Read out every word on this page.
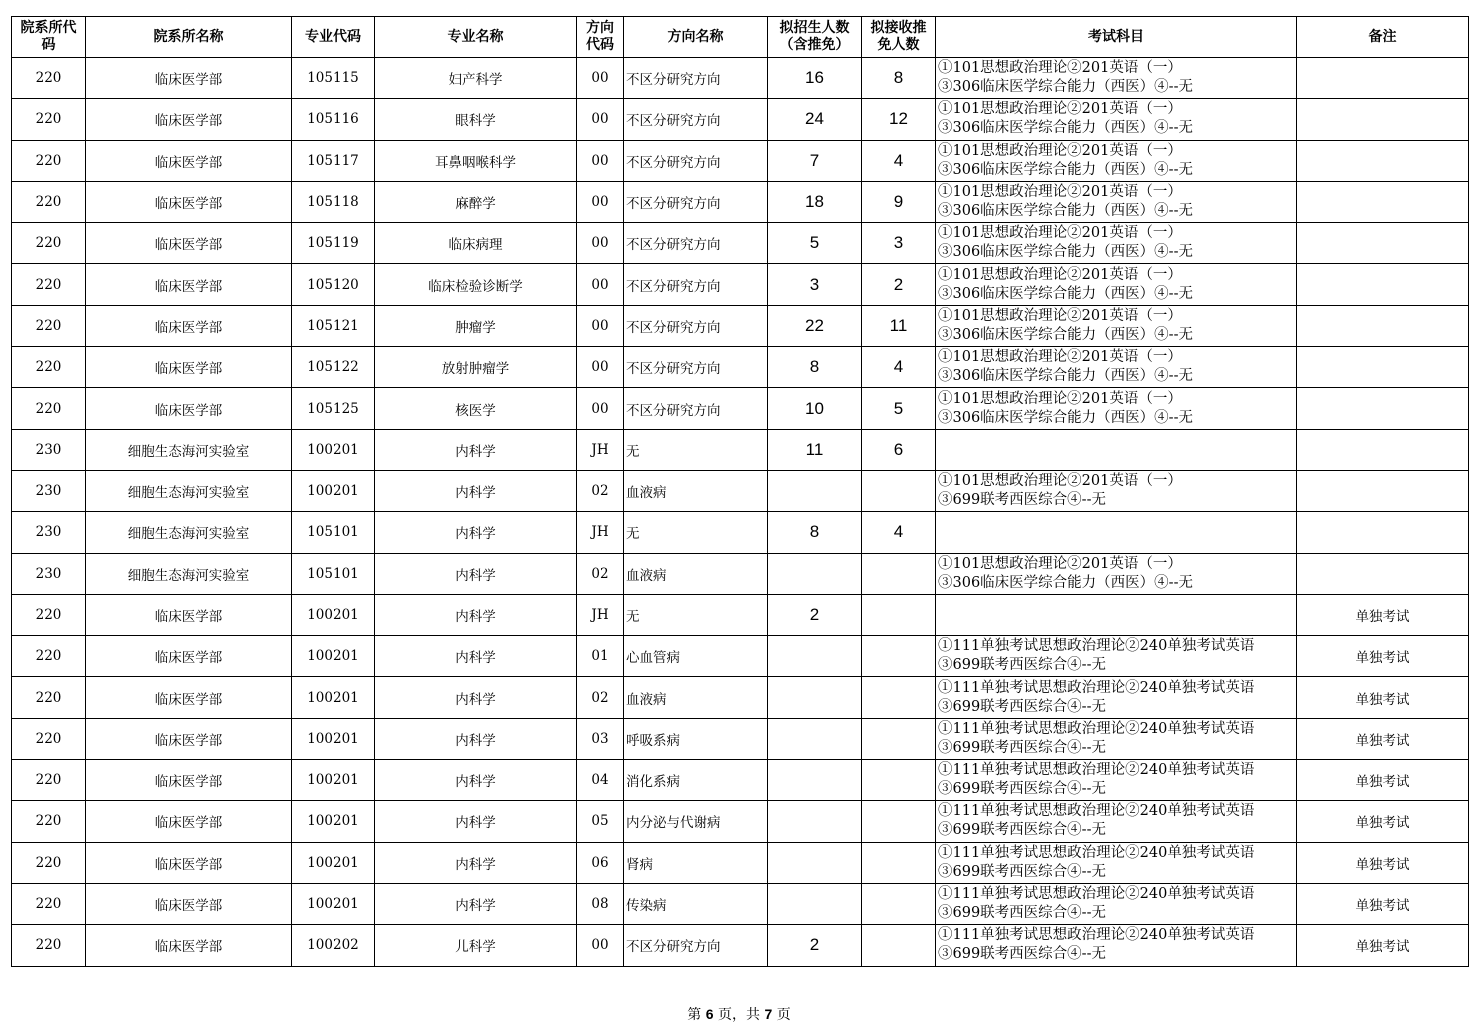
院系所代码	院系所名称	专业代码	专业名称	方向代码	方向名称	拟招生人数（含推免）	拟接收推免人数	考试科目	备注
220	临床医学部	105115	妇产科学	00	不区分研究方向	16	8	①101思想政治理论②201英语（一）
③306临床医学综合能力（西医）④--无	

220	临床医学部	105116	眼科学	00	不区分研究方向	24	12	①101思想政治理论②201英语（一）
③306临床医学综合能力（西医）④--无	

220	临床医学部	105117	耳鼻咽喉科学	00	不区分研究方向	7	4	①101思想政治理论②201英语（一）
③306临床医学综合能力（西医）④--无	

220	临床医学部	105118	麻醉学	00	不区分研究方向	18	9	①101思想政治理论②201英语（一）
③306临床医学综合能力（西医）④--无	

220	临床医学部	105119	临床病理	00	不区分研究方向	5	3	①101思想政治理论②201英语（一）
③306临床医学综合能力（西医）④--无	

220	临床医学部	105120	临床检验诊断学	00	不区分研究方向	3	2	①101思想政治理论②201英语（一）
③306临床医学综合能力（西医）④--无	

220	临床医学部	105121	肿瘤学	00	不区分研究方向	22	11	①101思想政治理论②201英语（一）
③306临床医学综合能力（西医）④--无	

220	临床医学部	105122	放射肿瘤学	00	不区分研究方向	8	4	①101思想政治理论②201英语（一）
③306临床医学综合能力（西医）④--无	

220	临床医学部	105125	核医学	00	不区分研究方向	10	5	①101思想政治理论②201英语（一）
③306临床医学综合能力（西医）④--无	

230	细胞生态海河实验室	100201	内科学	JH	无	11	6	

230	细胞生态海河实验室	100201	内科学	02	血液病			①101思想政治理论②201英语（一）
③699联考西医综合④--无	

230	细胞生态海河实验室	105101	内科学	JH	无	8	4	

230	细胞生态海河实验室	105101	内科学	02	血液病			①101思想政治理论②201英语（一）
③306临床医学综合能力（西医）④--无	

220	临床医学部	100201	内科学	JH	无	2			单独考试
220	临床医学部	100201	内科学	01	心血管病			①111单独考试思想政治理论②240单独考试英语
③699联考西医综合④--无	单独考试
220	临床医学部	100201	内科学	02	血液病			①111单独考试思想政治理论②240单独考试英语
③699联考西医综合④--无	单独考试
220	临床医学部	100201	内科学	03	呼吸系病			①111单独考试思想政治理论②240单独考试英语
③699联考西医综合④--无	单独考试
220	临床医学部	100201	内科学	04	消化系病			①111单独考试思想政治理论②240单独考试英语
③699联考西医综合④--无	单独考试
220	临床医学部	100201	内科学	05	内分泌与代谢病			①111单独考试思想政治理论②240单独考试英语
③699联考西医综合④--无	单独考试
220	临床医学部	100201	内科学	06	肾病			①111单独考试思想政治理论②240单独考试英语
③699联考西医综合④--无	单独考试
220	临床医学部	100201	内科学	08	传染病			①111单独考试思想政治理论②240单独考试英语
③699联考西医综合④--无	单独考试
220	临床医学部	100202	儿科学	00	不区分研究方向	2		①111单独考试思想政治理论②240单独考试英语
③699联考西医综合④--无	单独考试
第 6 页，共 7 页
